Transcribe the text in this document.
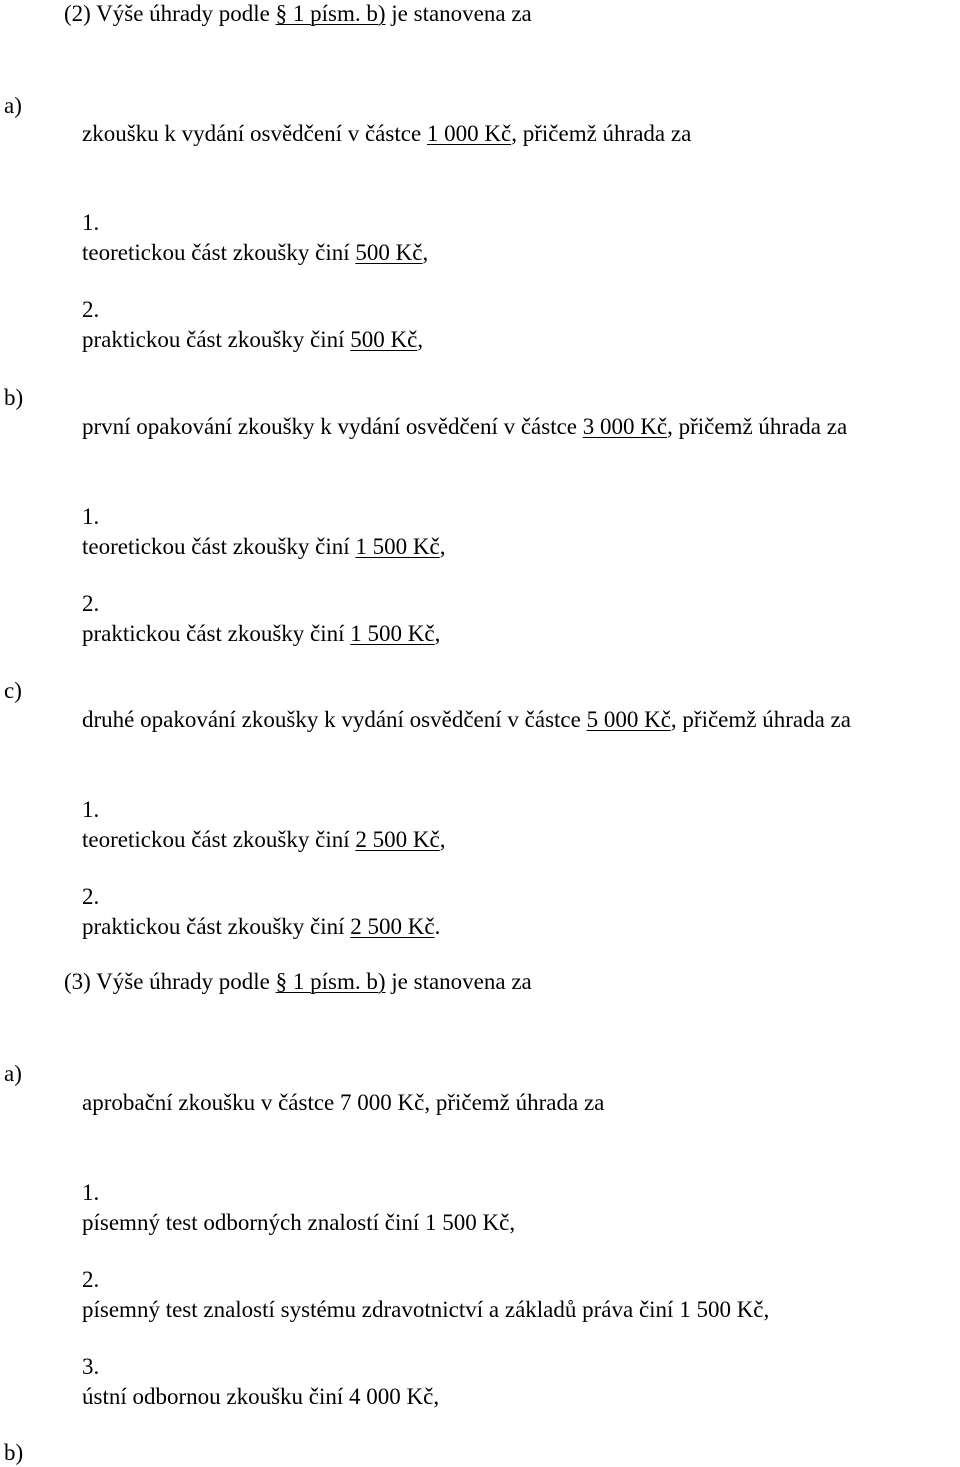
(2) Výše úhrady podle § 1 písm. b) je stanovena za
a)
zkoušku k vydání osvědčení v částce 1 000 Kč, přičemž úhrada za
1.
teoretickou část zkoušky činí 500 Kč,
2.
praktickou část zkoušky činí 500 Kč,
b)
první opakování zkoušky k vydání osvědčení v částce 3 000 Kč, přičemž úhrada za
1.
teoretickou část zkoušky činí 1 500 Kč,
2.
praktickou část zkoušky činí 1 500 Kč,
c)
druhé opakování zkoušky k vydání osvědčení v částce 5 000 Kč, přičemž úhrada za
1.
teoretickou část zkoušky činí 2 500 Kč,
2.
praktickou část zkoušky činí 2 500 Kč.
(3) Výše úhrady podle § 1 písm. b) je stanovena za
a)
aprobační zkoušku v částce 7 000 Kč, přičemž úhrada za
1.
písemný test odborných znalostí činí 1 500 Kč,
2.
písemný test znalostí systému zdravotnictví a základů práva činí 1 500 Kč,
3.
ústní odbornou zkoušku činí 4 000 Kč,
b)
